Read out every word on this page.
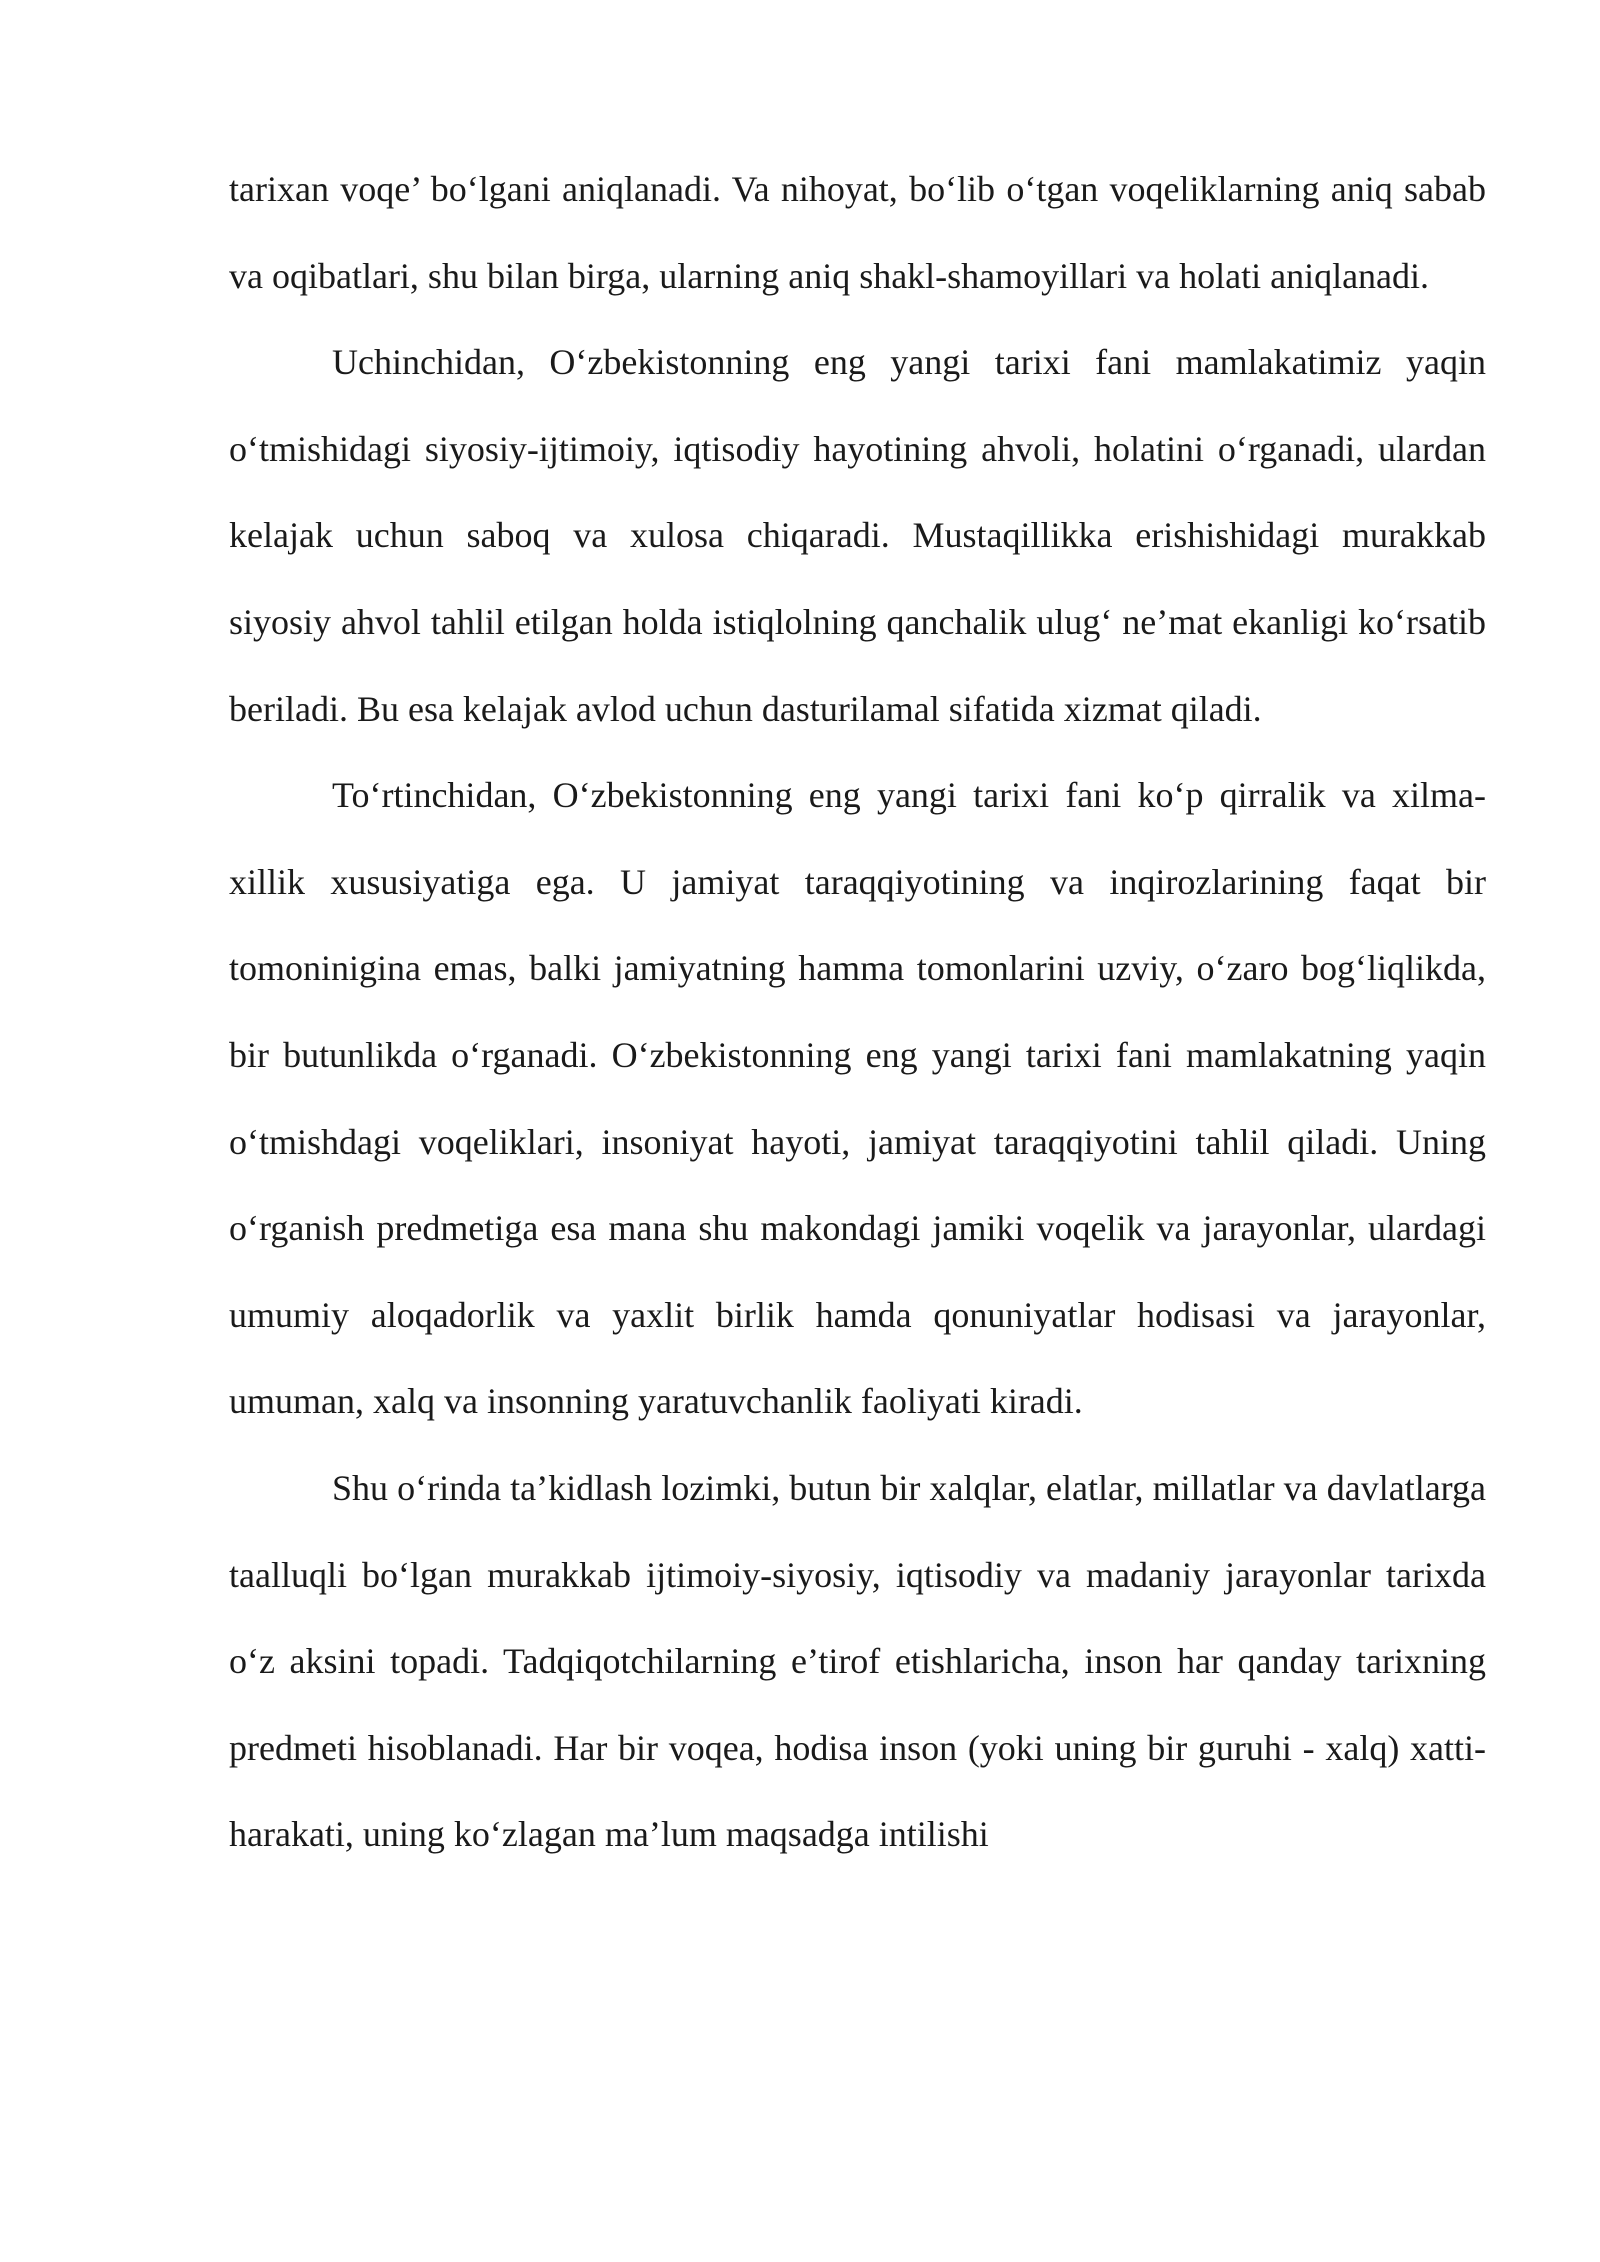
tarixan voqe’ bo‘lgani aniqlanadi. Va nihoyat, bo‘lib o‘tgan voqeliklarning aniq sabab va oqibatlari, shu bilan birga, ularning aniq shakl-shamoyillari va holati aniqlanadi.

Uchinchidan, O‘zbekistonning eng yangi tarixi fani mamlakatimiz yaqin o‘tmishidagi siyosiy-ijtimoiy, iqtisodiy hayotining ahvoli, holatini o‘rganadi, ulardan kelajak uchun saboq va xulosa chiqaradi. Mustaqillikka erishishidagi murakkab siyosiy ahvol tahlil etilgan holda istiqlolning qanchalik ulug‘ ne’mat ekanligi ko‘rsatib beriladi. Bu esa kelajak avlod uchun dasturilamal sifatida xizmat qiladi.

To‘rtinchidan, O‘zbekistonning eng yangi tarixi fani ko‘p qirralik va xilma-xillik xususiyatiga ega. U jamiyat taraqqiyotining va inqirozlarining faqat bir tomoninigina emas, balki jamiyatning hamma tomonlarini uzviy, o‘zaro bog‘liqlikda, bir butunlikda o‘rganadi. O‘zbekistonning eng yangi tarixi fani mamlakatning yaqin o‘tmishdagi voqeliklari, insoniyat hayoti, jamiyat taraqqiyotini tahlil qiladi. Uning o‘rganish predmetiga esa mana shu makondagi jamiki voqelik va jarayonlar, ulardagi umumiy aloqadorlik va yaxlit birlik hamda qonuniyatlar hodisasi va jarayonlar, umuman, xalq va insonning yaratuvchanlik faoliyati kiradi.

Shu o‘rinda ta’kidlash lozimki, butun bir xalqlar, elatlar, millatlar va davlatlarga taalluqli bo‘lgan murakkab ijtimoiy-siyosiy, iqtisodiy va madaniy jarayonlar tarixda o‘z aksini topadi. Tadqiqotchilarning e’tirof etishlaricha, inson har qanday tarixning predmeti hisoblanadi. Har bir voqea, hodisa inson (yoki uning bir guruhi - xalq) xatti-harakati, uning ko‘zlagan ma’lum maqsadga intilishi
